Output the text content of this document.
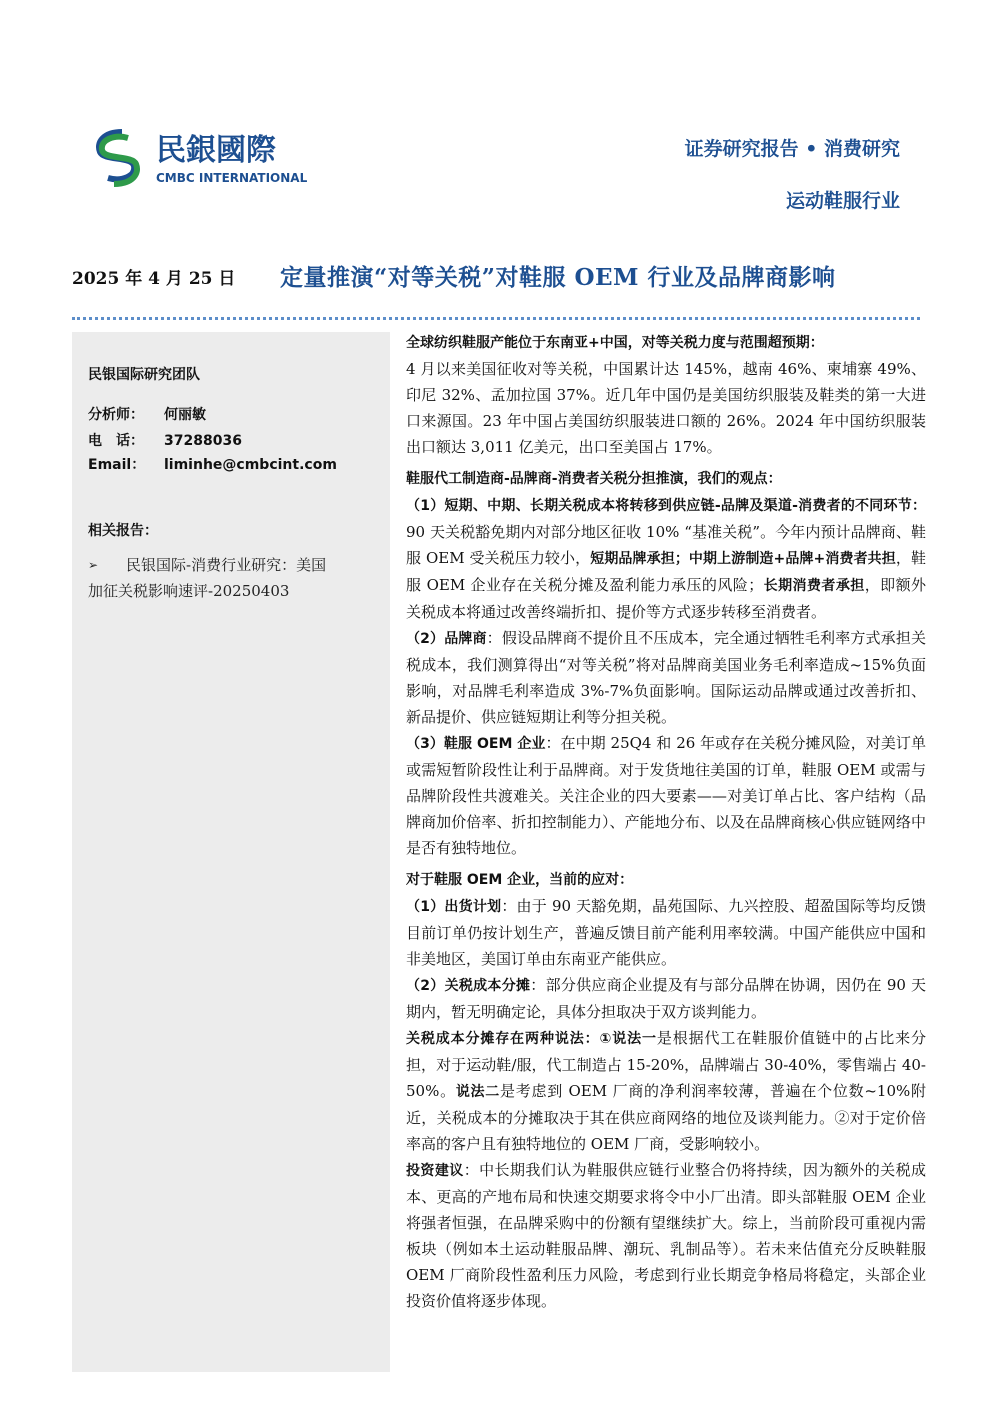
民銀國際
CMBC INTERNATIONAL
证券研究报告 • 消费研究
运动鞋服行业
2025 年 4 月 25 日 定量推演“对等关税”对鞋服 OEM 行业及品牌商影响
民银国际研究团队
分析师： 何丽敏
电　话： 37288036
Email： liminhe@cmbcint.com
相关报告：
➢	民银国际-消费行业研究：美国
加征关税影响速评-20250403

全球纺织鞋服产能位于东南亚+中国，对等关税力度与范围超预期：

4 月以来美国征收对等关税，中国累计达 145%，越南 46%、柬埔寨 49%、印尼 32%、孟加拉国 37%。近几年中国仍是美国纺织服装及鞋类的第一大进口来源国。23 年中国占美国纺织服装进口额的 26%。2024 年中国纺织服装出口额达 3,011 亿美元，出口至美国占 17%。

鞋服代工制造商-品牌商-消费者关税分担推演，我们的观点：

（1）短期、中期、长期关税成本将转移到供应链-品牌及渠道-消费者的不同环节：90 天关税豁免期内对部分地区征收 10% “基准关税”。今年内预计品牌商、鞋服 OEM 受关税压力较小，短期品牌承担；中期上游制造+品牌+消费者共担，鞋服 OEM 企业存在关税分摊及盈利能力承压的风险；长期消费者承担，即额外关税成本将通过改善终端折扣、提价等方式逐步转移至消费者。

（2）品牌商：假设品牌商不提价且不压成本，完全通过牺牲毛利率方式承担关税成本，我们测算得出“对等关税”将对品牌商美国业务毛利率造成~15%负面影响，对品牌毛利率造成 3%-7%负面影响。国际运动品牌或通过改善折扣、新品提价、供应链短期让利等分担关税。

（3）鞋服 OEM 企业：在中期 25Q4 和 26 年或存在关税分摊风险，对美订单或需短暂阶段性让利于品牌商。对于发货地往美国的订单，鞋服 OEM 或需与品牌阶段性共渡难关。关注企业的四大要素——对美订单占比、客户结构（品牌商加价倍率、折扣控制能力）、产能地分布、以及在品牌商核心供应链网络中是否有独特地位。

对于鞋服 OEM 企业，当前的应对：

（1）出货计划：由于 90 天豁免期，晶苑国际、九兴控股、超盈国际等均反馈目前订单仍按计划生产，普遍反馈目前产能利用率较满。中国产能供应中国和非美地区，美国订单由东南亚产能供应。

（2）关税成本分摊：部分供应商企业提及有与部分品牌在协调，因仍在 90 天期内，暂无明确定论，具体分担取决于双方谈判能力。

关税成本分摊存在两种说法：①说法一是根据代工在鞋服价值链中的占比来分担，对于运动鞋/服，代工制造占 15-20%，品牌端占 30-40%，零售端占 40-50%。说法二是考虑到 OEM 厂商的净利润率较薄，普遍在个位数~10%附近，关税成本的分摊取决于其在供应商网络的地位及谈判能力。②对于定价倍率高的客户且有独特地位的 OEM 厂商，受影响较小。

投资建议：中长期我们认为鞋服供应链行业整合仍将持续，因为额外的关税成本、更高的产地布局和快速交期要求将令中小厂出清。即头部鞋服 OEM 企业将强者恒强，在品牌采购中的份额有望继续扩大。综上，当前阶段可重视内需板块（例如本土运动鞋服品牌、潮玩、乳制品等）。若未来估值充分反映鞋服 OEM 厂商阶段性盈利压力风险，考虑到行业长期竞争格局将稳定，头部企业投资价值将逐步体现。
